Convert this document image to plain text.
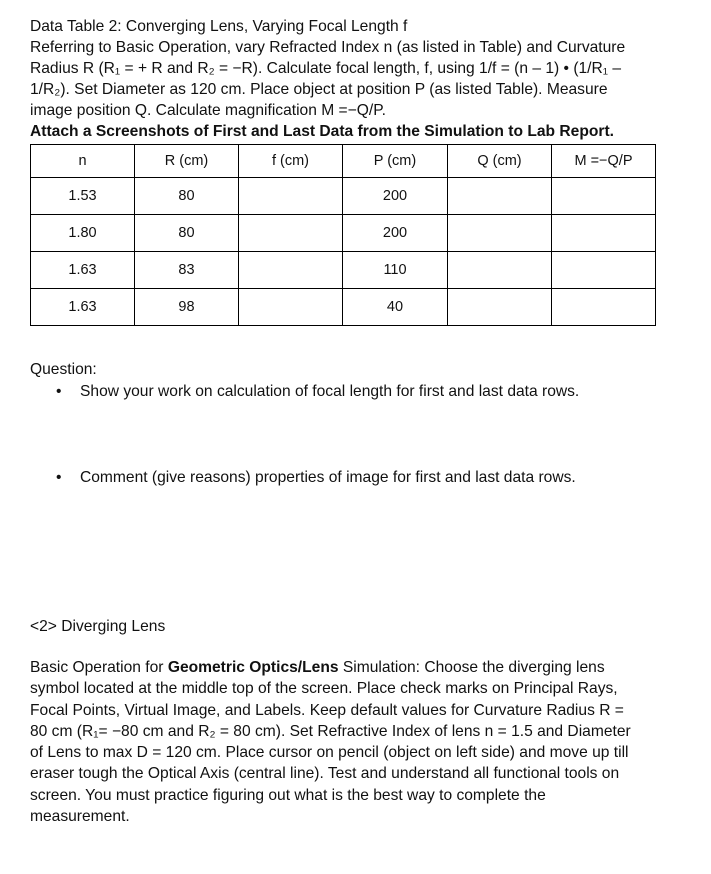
Data Table 2: Converging Lens, Varying Focal Length f

Referring to Basic Operation, vary Refracted Index n (as listed in Table) and Curvature

Radius R (R₁ = + R and R₂ = −R). Calculate focal length, f, using 1/f = (n – 1) • (1/R₁ –

1/R₂). Set Diameter as 120 cm. Place object at position P (as listed Table). Measure

image position Q. Calculate magnification M =−Q/P.

Attach a Screenshots of First and Last Data from the Simulation to Lab Report.

n	R (cm)	f (cm)	P (cm)	Q (cm)	M =−Q/P
1.53	80		200		
1.80	80		200		
1.63	83		110		
1.63	98		40		

Question:

•	Show your work on calculation of focal length for first and last data rows.
•	Comment (give reasons) properties of image for first and last data rows.

<2> Diverging Lens

Basic Operation for Geometric Optics/Lens Simulation: Choose the diverging lens
symbol located at the middle top of the screen. Place check marks on Principal Rays,
Focal Points, Virtual Image, and Labels. Keep default values for Curvature Radius R =
80 cm (R₁= −80 cm and R₂ = 80 cm). Set Refractive Index of lens n = 1.5 and Diameter
of Lens to max D = 120 cm. Place cursor on pencil (object on left side) and move up till
eraser tough the Optical Axis (central line). Test and understand all functional tools on
screen. You must practice figuring out what is the best way to complete the
measurement.
